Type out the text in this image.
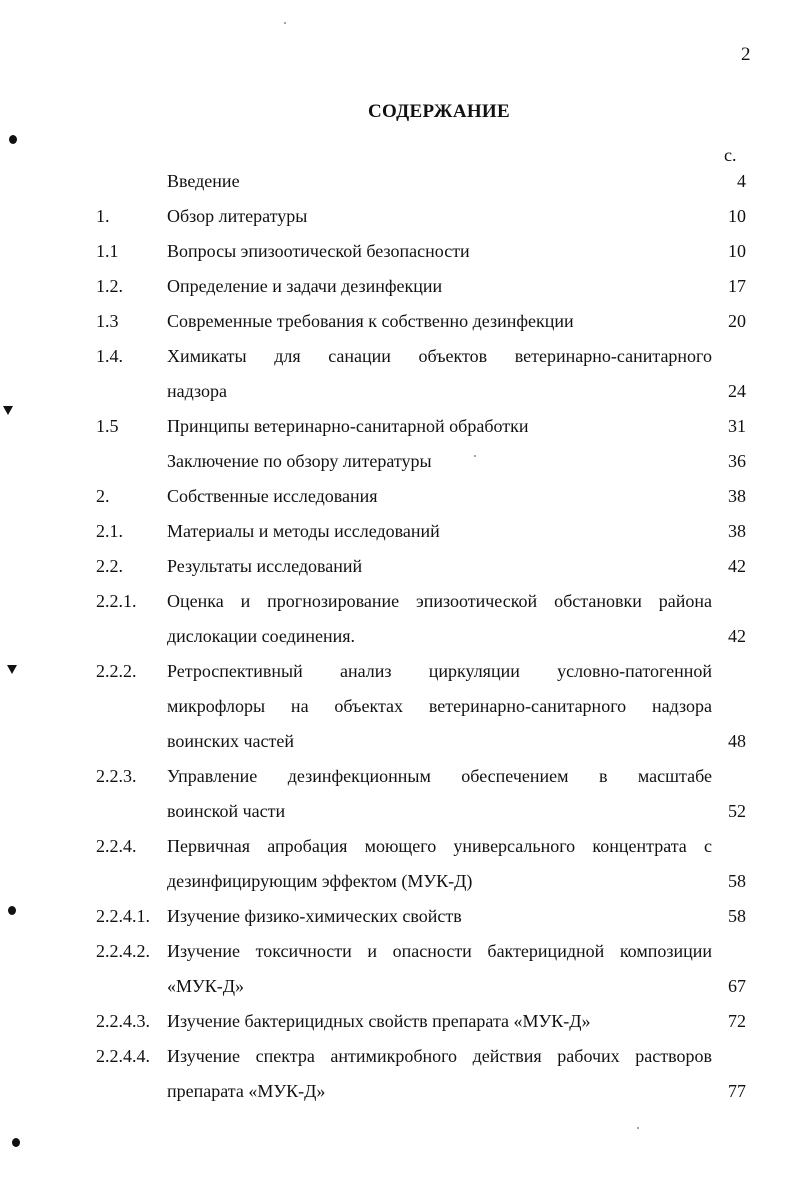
2
СОДЕРЖАНИЕ
с.
Введение	4
1.	Обзор литературы	10
1.1	Вопросы эпизоотической безопасности	10
1.2. Определение и задачи дезинфекции	17
1.3	Современные требования к собственно дезинфекции	20
1.4. Химикаты для санации объектов ветеринарно-санитарного
надзора	24
1.5	Принципы ветеринарно-санитарной обработки	31
Заключение по обзору литературы	36
2.	Собственные исследования	38
2.1. Материалы и методы исследований	38
2.2. Результаты исследований	42
2.2.1. Оценка и прогнозирование эпизоотической обстановки района
дислокации соединения.	42
2.2.2. Ретроспективный анализ циркуляции условно-патогенной
микрофлоры на объектах ветеринарно-санитарного надзора
воинских частей	48
2.2.3. Управление дезинфекционным обеспечением в масштабе
воинской части	52
2.2.4. Первичная апробация моющего универсального концентрата с
дезинфицирующим эффектом (МУК-Д)	58
2.2.4.1. Изучение физико-химических свойств	58
2.2.4.2. Изучение токсичности и опасности бактерицидной композиции
«МУК-Д»	67
2.2.4.3. Изучение бактерицидных свойств препарата «МУК-Д»	72
2.2.4.4. Изучение спектра антимикробного действия рабочих растворов
препарата «МУК-Д»	77
